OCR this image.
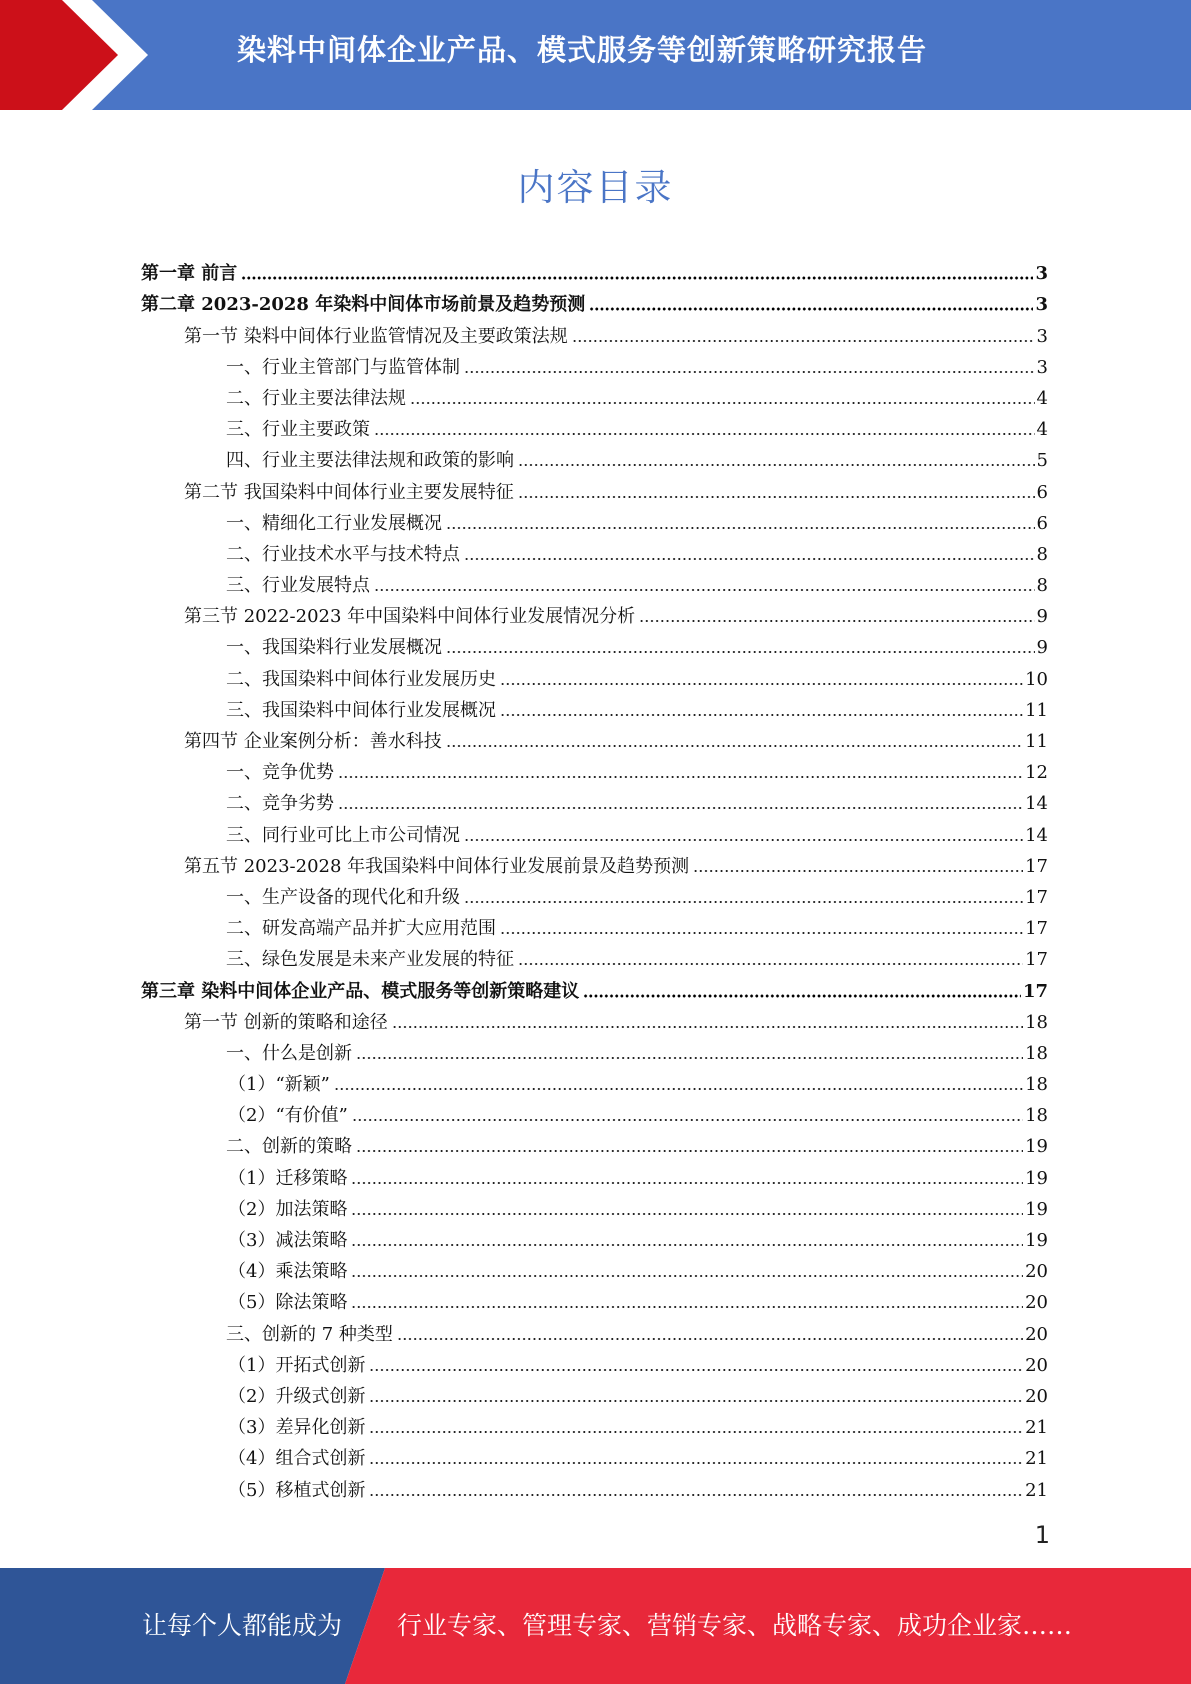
染料中间体企业产品、模式服务等创新策略研究报告
内容目录
第一章 前言	3
第二章 2023-2028 年染料中间体市场前景及趋势预测	3
第一节 染料中间体行业监管情况及主要政策法规	3
一、行业主管部门与监管体制	3
二、行业主要法律法规	4
三、行业主要政策	4
四、行业主要法律法规和政策的影响	5
第二节 我国染料中间体行业主要发展特征	6
一、精细化工行业发展概况	6
二、行业技术水平与技术特点	8
三、行业发展特点	8
第三节 2022-2023 年中国染料中间体行业发展情况分析	9
一、我国染料行业发展概况	9
二、我国染料中间体行业发展历史	10
三、我国染料中间体行业发展概况	11
第四节 企业案例分析：善水科技	11
一、竞争优势	12
二、竞争劣势	14
三、同行业可比上市公司情况	14
第五节 2023-2028 年我国染料中间体行业发展前景及趋势预测	17
一、生产设备的现代化和升级	17
二、研发高端产品并扩大应用范围	17
三、绿色发展是未来产业发展的特征	17
第三章 染料中间体企业产品、模式服务等创新策略建议	17
第一节 创新的策略和途径	18
一、什么是创新	18
（1）“新颖”	18
（2）“有价值”	18
二、创新的策略	19
（1）迁移策略	19
（2）加法策略	19
（3）减法策略	19
（4）乘法策略	20
（5）除法策略	20
三、创新的 7 种类型	20
（1）开拓式创新	20
（2）升级式创新	20
（3）差异化创新	21
（4）组合式创新	21
（5）移植式创新	21
1
让每个人都能成为 行业专家、管理专家、营销专家、战略专家、成功企业家……
